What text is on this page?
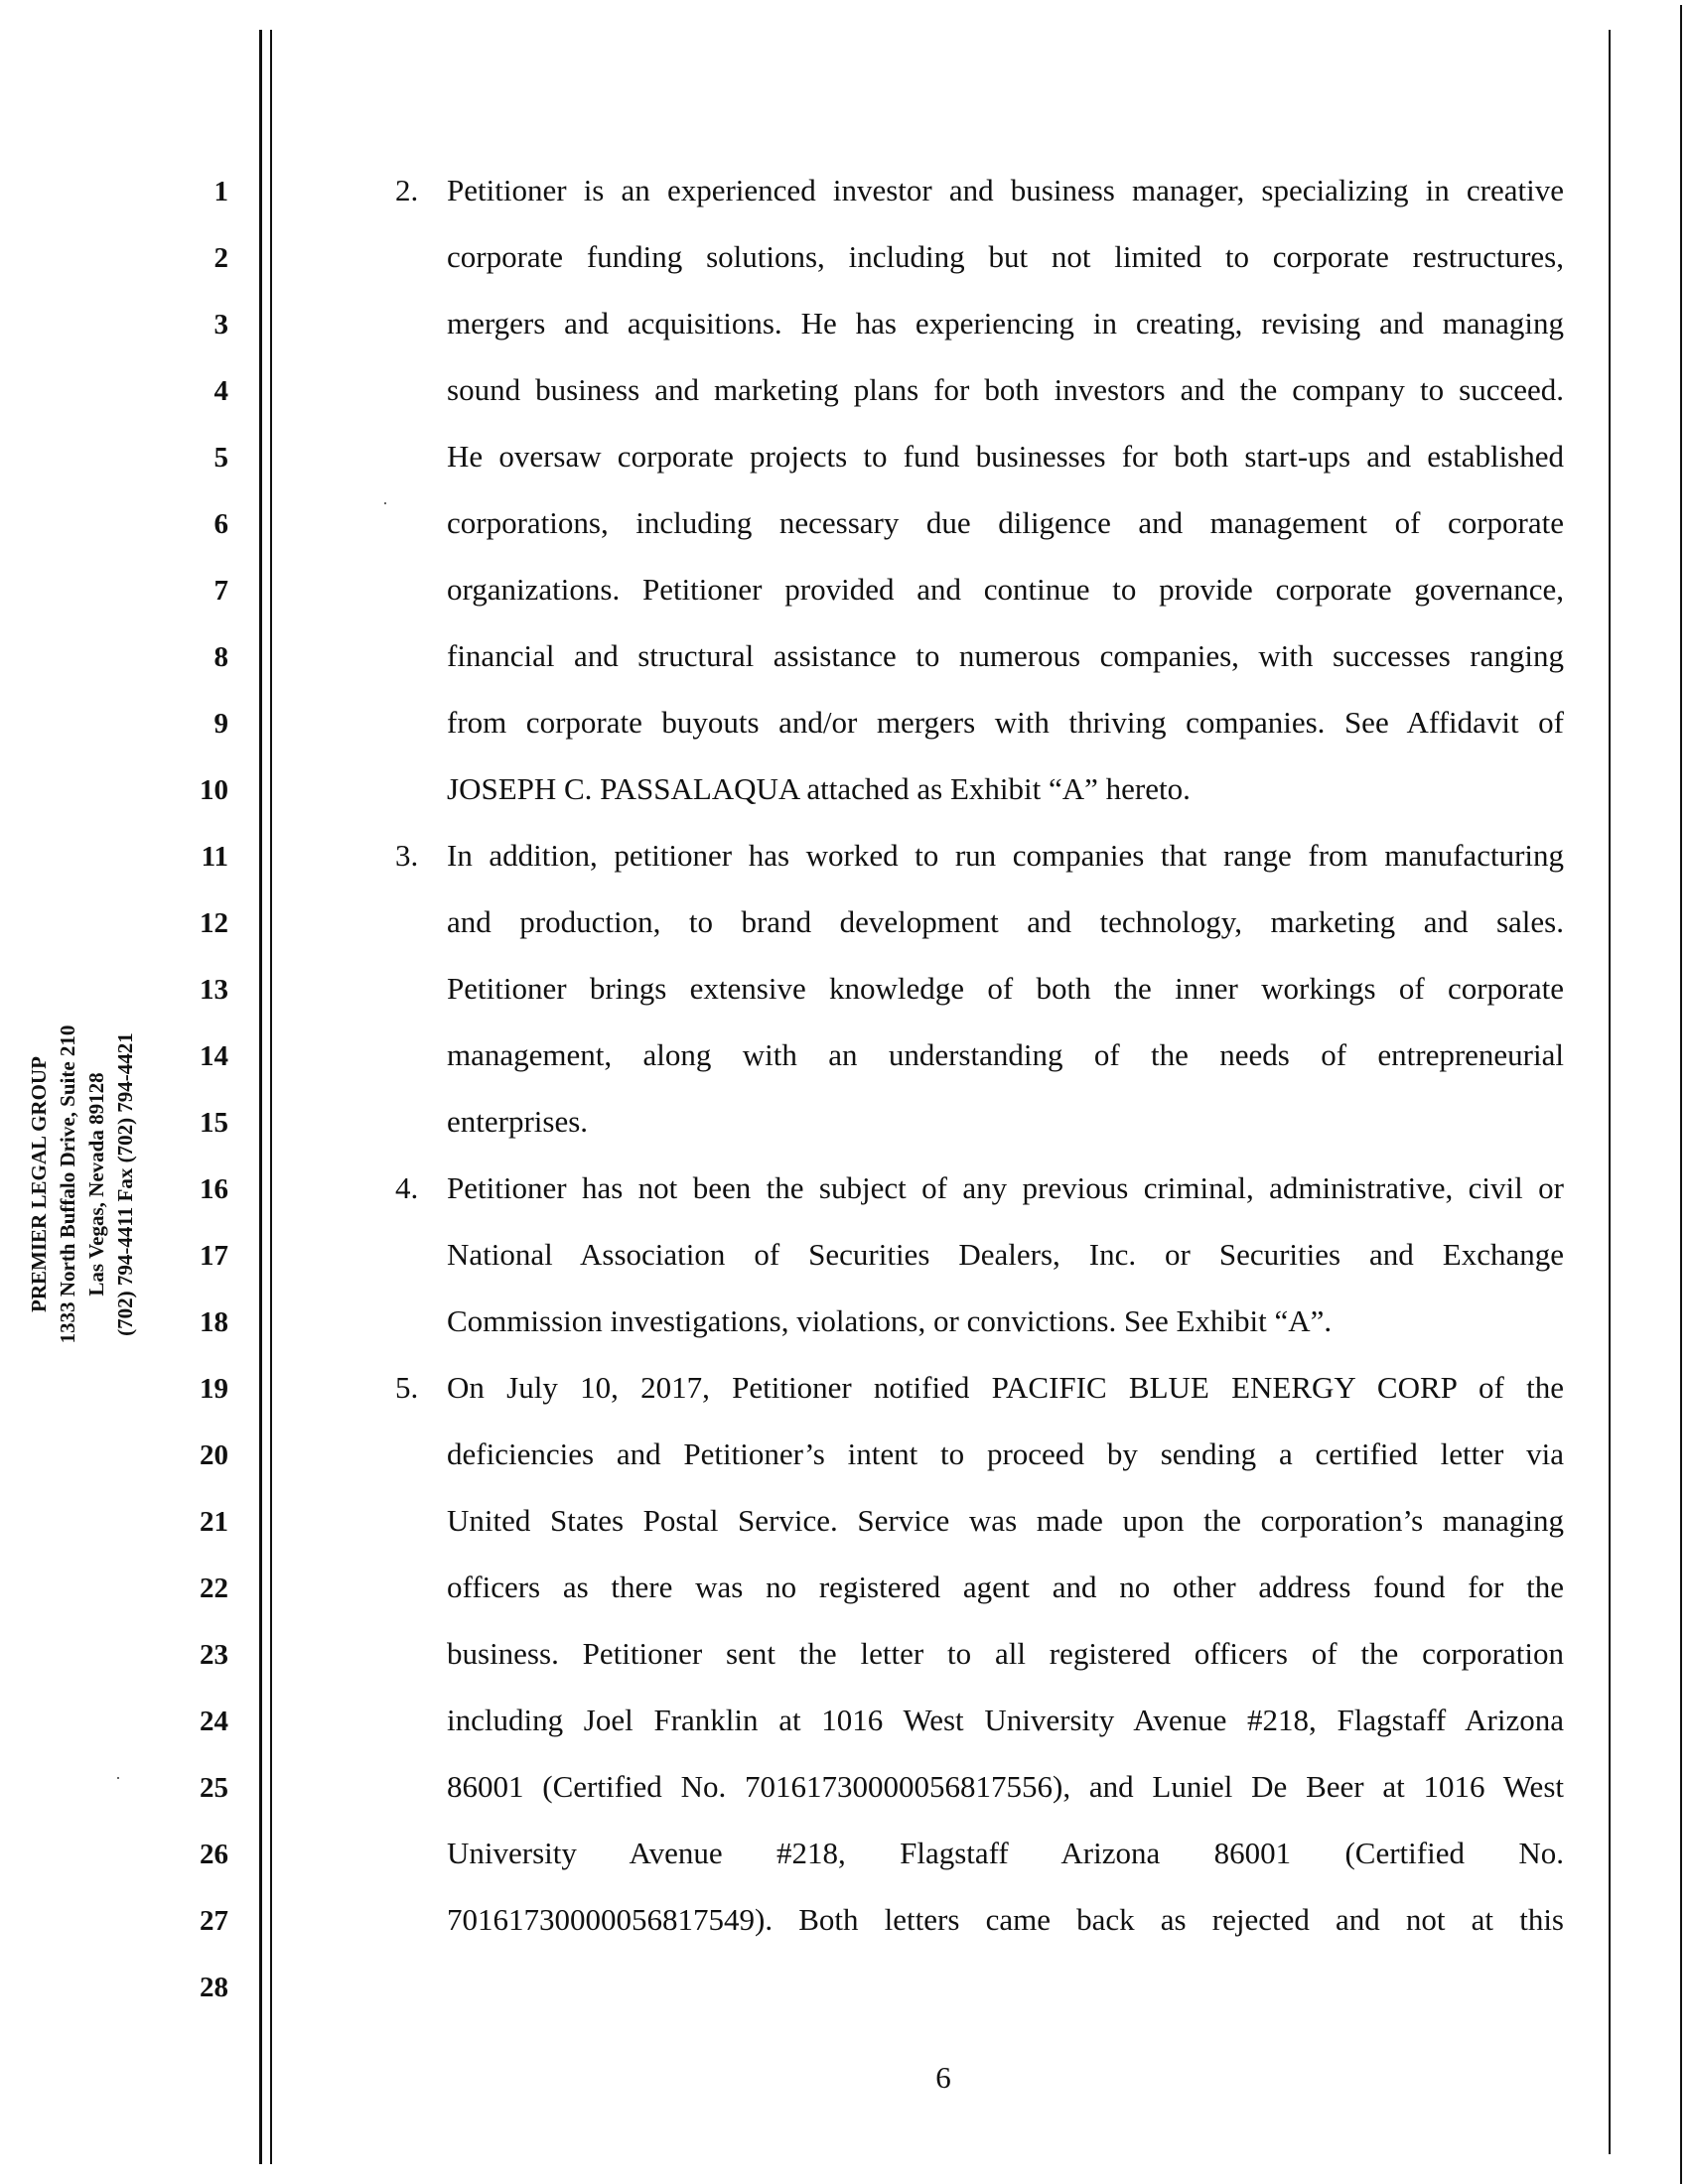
PREMIER LEGAL GROUP 1333 North Buffalo Drive, Suite 210 Las Vegas, Nevada 89128 (702) 794-4411 Fax (702) 794-4421
1
2
3
4
5
6
7
8
9
10
11
12
13
14
15
16
17
18
19
20
21
22
23
24
25
26
27
28
2. Petitioner is an experienced investor and business manager, specializing in creative
corporate funding solutions, including but not limited to corporate restructures,
mergers and acquisitions. He has experiencing in creating, revising and managing
sound business and marketing plans for both investors and the company to succeed.
He oversaw corporate projects to fund businesses for both start-ups and established
corporations, including necessary due diligence and management of corporate
organizations. Petitioner provided and continue to provide corporate governance,
financial and structural assistance to numerous companies, with successes ranging
from corporate buyouts and/or mergers with thriving companies. See Affidavit of
JOSEPH C. PASSALAQUA attached as Exhibit “A” hereto.
3. In addition, petitioner has worked to run companies that range from manufacturing
and production, to brand development and technology, marketing and sales.
Petitioner brings extensive knowledge of both the inner workings of corporate
management, along with an understanding of the needs of entrepreneurial
enterprises.
4. Petitioner has not been the subject of any previous criminal, administrative, civil or
National Association of Securities Dealers, Inc. or Securities and Exchange
Commission investigations, violations, or convictions. See Exhibit “A”.
5. On July 10, 2017, Petitioner notified PACIFIC BLUE ENERGY CORP of the
deficiencies and Petitioner’s intent to proceed by sending a certified letter via
United States Postal Service. Service was made upon the corporation’s managing
officers as there was no registered agent and no other address found for the
business. Petitioner sent the letter to all registered officers of the corporation
including Joel Franklin at 1016 West University Avenue #218, Flagstaff Arizona
86001 (Certified No. 70161730000056817556), and Luniel De Beer at 1016 West
University Avenue #218, Flagstaff Arizona 86001 (Certified No.
70161730000056817549). Both letters came back as rejected and not at this
6
